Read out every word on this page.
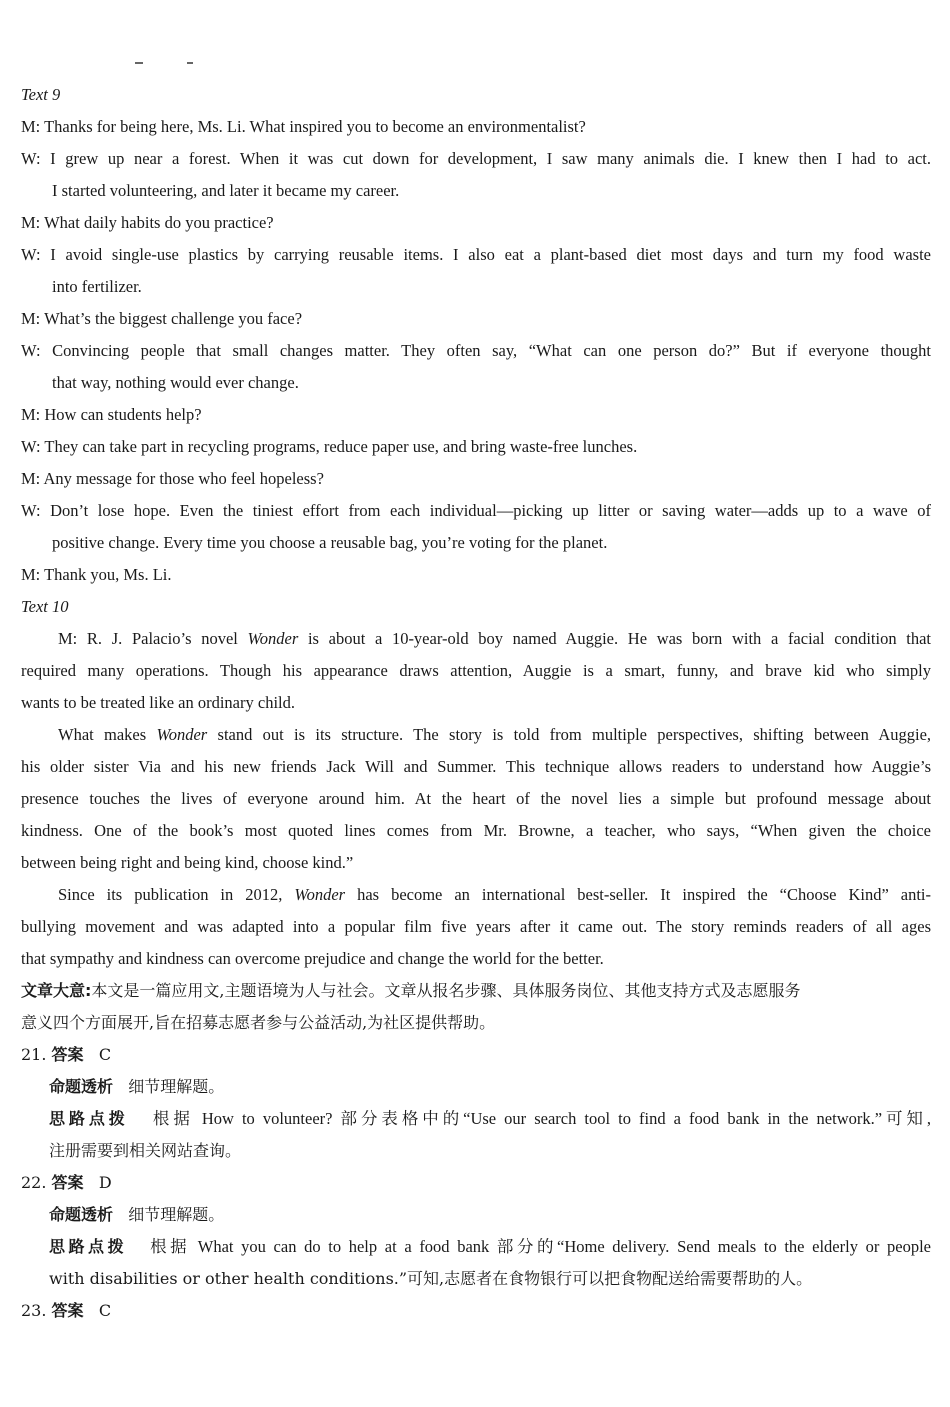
Text 9
M: Thanks for being here, Ms. Li. What inspired you to become an environmentalist?
W: I grew up near a forest. When it was cut down for development, I saw many animals die. I knew then I had to act.
I started volunteering, and later it became my career.
M: What daily habits do you practice?
W: I avoid single-use plastics by carrying reusable items. I also eat a plant-based diet most days and turn my food waste
into fertilizer.
M: What’s the biggest challenge you face?
W: Convincing people that small changes matter. They often say, “What can one person do?” But if everyone thought
that way, nothing would ever change.
M: How can students help?
W: They can take part in recycling programs, reduce paper use, and bring waste-free lunches.
M: Any message for those who feel hopeless?
W: Don’t lose hope. Even the tiniest effort from each individual—picking up litter or saving water—adds up to a wave of
positive change. Every time you choose a reusable bag, you’re voting for the planet.
M: Thank you, Ms. Li.
Text 10
M: R. J. Palacio’s novel Wonder is about a 10-year-old boy named Auggie. He was born with a facial condition that
required many operations. Though his appearance draws attention, Auggie is a smart, funny, and brave kid who simply
wants to be treated like an ordinary child.
What makes Wonder stand out is its structure. The story is told from multiple perspectives, shifting between Auggie,
his older sister Via and his new friends Jack Will and Summer. This technique allows readers to understand how Auggie’s
presence touches the lives of everyone around him. At the heart of the novel lies a simple but profound message about
kindness. One of the book’s most quoted lines comes from Mr. Browne, a teacher, who says, “When given the choice
between being right and being kind, choose kind.”
Since its publication in 2012, Wonder has become an international best-seller. It inspired the “Choose Kind” anti-
bullying movement and was adapted into a popular film five years after it came out. The story reminds readers of all ages
that sympathy and kindness can overcome prejudice and change the world for the better.
文章大意:本文是一篇应用文,主题语境为人与社会。文章从报名步骤、具体服务岗位、其他支持方式及志愿服务
意义四个方面展开,旨在招募志愿者参与公益活动,为社区提供帮助。
21. 答案 C
命题透析 细节理解题。
思路点拨 根据 How to volunteer? 部分表格中的“Use our search tool to find a food bank in the network.”可知,
注册需要到相关网站查询。
22. 答案 D
命题透析 细节理解题。
思路点拨 根据 What you can do to help at a food bank 部分的“Home delivery. Send meals to the elderly or people
with disabilities or other health conditions.”可知,志愿者在食物银行可以把食物配送给需要帮助的人。
23. 答案 C
